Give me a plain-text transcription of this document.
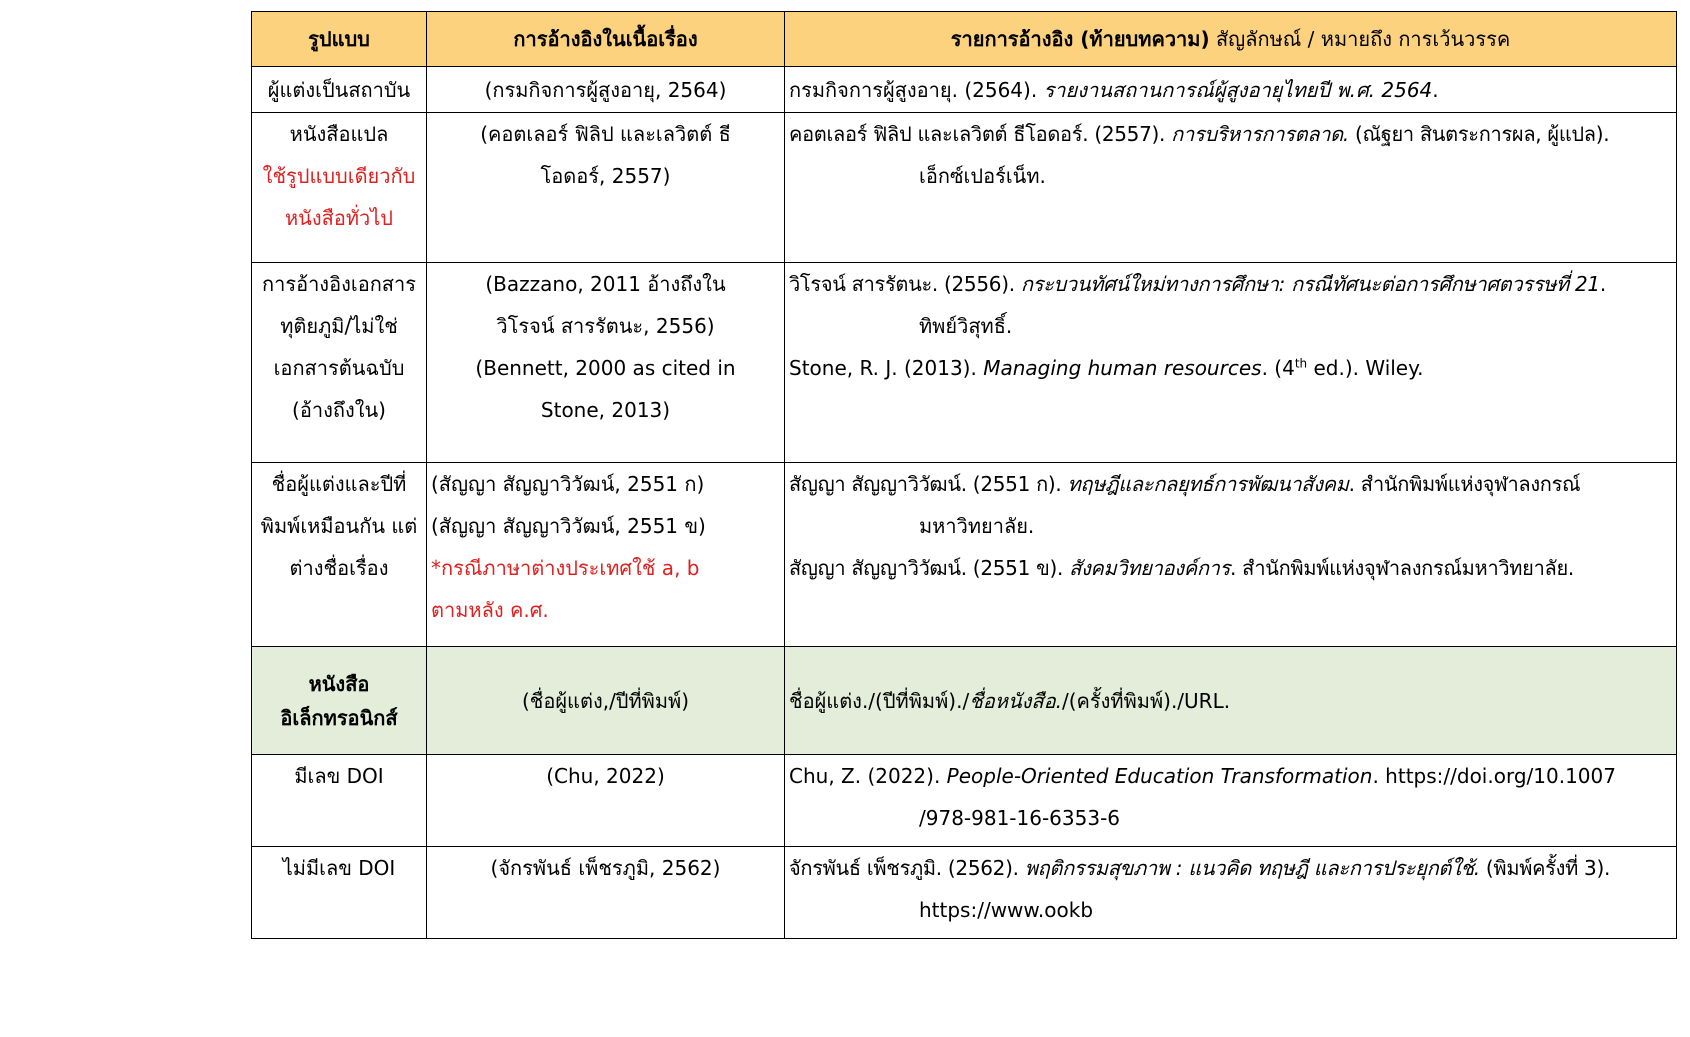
รูปแบบ	การอ้างอิงในเนื้อเรื่อง	รายการอ้างอิง (ท้ายบทความ) สัญลักษณ์ / หมายถึง การเว้นวรรค

ผู้แต่งเป็นสถาบัน	(กรมกิจการผู้สูงอายุ, 2564)	กรมกิจการผู้สูงอายุ. (2564). รายงานสถานการณ์ผู้สูงอายุไทยปี พ.ศ. 2564.

หนังสือแปล
ใช้รูปแบบเดียวกับ
หนังสือทั่วไป	(คอตเลอร์ ฟิลิป และเลวิตต์ ธี
โอดอร์, 2557)	คอตเลอร์ ฟิลิป และเลวิตต์ ธีโอดอร์. (2557). การบริหารการตลาด. (ณัฐยา สินตระการผล, ผู้แปล).
เอ็กซ์เปอร์เน็ท.

การอ้างอิงเอกสาร
ทุติยภูมิ/ไม่ใช่
เอกสารต้นฉบับ
(อ้างถึงใน)	(Bazzano, 2011 อ้างถึงใน
วิโรจน์ สารรัตนะ, 2556)
(Bennett, 2000 as cited in
Stone, 2013)	วิโรจน์ สารรัตนะ. (2556). กระบวนทัศน์ใหม่ทางการศึกษา: กรณีทัศนะต่อการศึกษาศตวรรษที่ 21.
ทิพย์วิสุทธิ์.
Stone, R. J. (2013). Managing human resources. (4th ed.). Wiley.

ชื่อผู้แต่งและปีที่
พิมพ์เหมือนกัน แต่
ต่างชื่อเรื่อง	(สัญญา สัญญาวิวัฒน์, 2551 ก)
(สัญญา สัญญาวิวัฒน์, 2551 ข)
*กรณีภาษาต่างประเทศใช้ a, b
ตามหลัง ค.ศ.	สัญญา สัญญาวิวัฒน์. (2551 ก). ทฤษฎีและกลยุทธ์การพัฒนาสังคม. สำนักพิมพ์แห่งจุฬาลงกรณ์
มหาวิทยาลัย.
สัญญา สัญญาวิวัฒน์. (2551 ข). สังคมวิทยาองค์การ. สำนักพิมพ์แห่งจุฬาลงกรณ์มหาวิทยาลัย.

หนังสือ
อิเล็กทรอนิกส์	(ชื่อผู้แต่ง,/ปีที่พิมพ์)	ชื่อผู้แต่ง./(ปีที่พิมพ์)./ชื่อหนังสือ./(ครั้งที่พิมพ์)./URL.

มีเลข DOI	(Chu, 2022)	Chu, Z. (2022). People-Oriented Education Transformation. https://doi.org/10.1007
/978-981-16-6353-6

ไม่มีเลข DOI	(จักรพันธ์ เพ็ชรภูมิ, 2562)	จักรพันธ์ เพ็ชรภูมิ. (2562). พฤติกรรมสุขภาพ : แนวคิด ทฤษฎี และการประยุกต์ใช้. (พิมพ์ครั้งที่ 3).
https://www.ookb
